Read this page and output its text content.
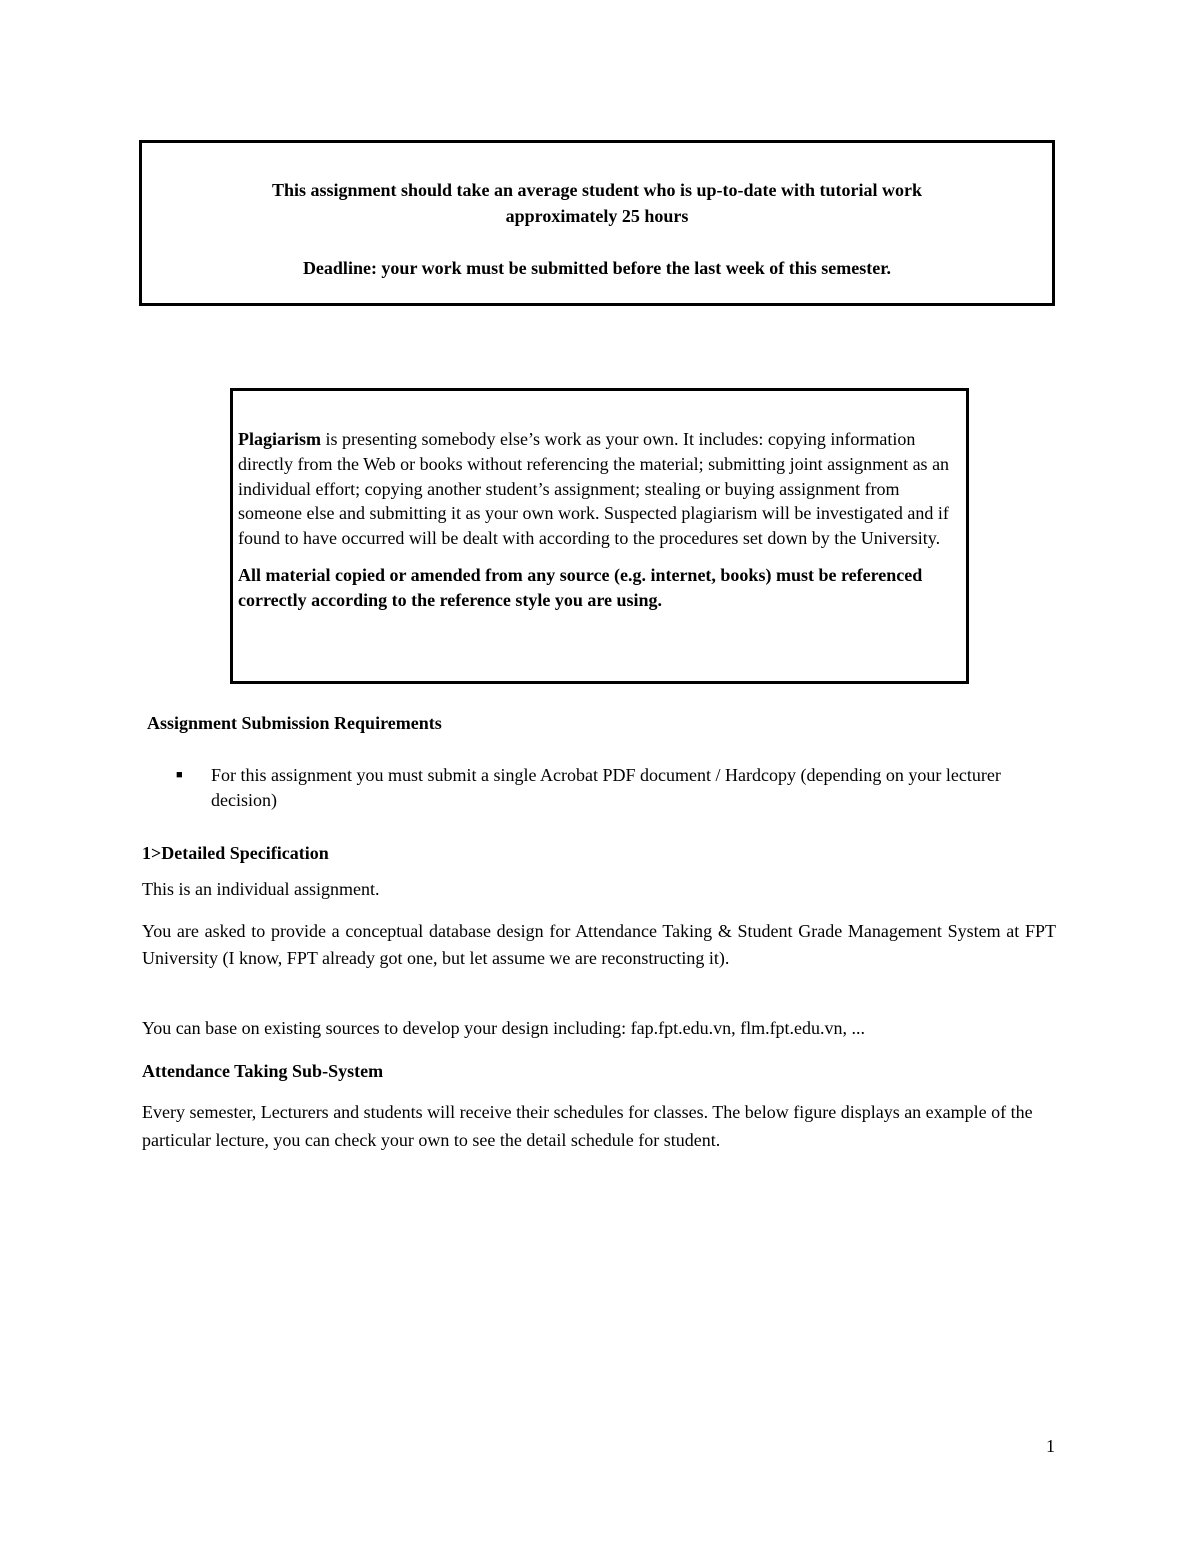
This assignment should take an average student who is up-to-date with tutorial work

approximately 25 hours

Deadline: your work must be submitted before the last week of this semester.

Plagiarism is presenting somebody else’s work as your own. It includes: copying information directly from the Web or books without referencing the material; submitting joint assignment as an individual effort; copying another student’s assignment; stealing or buying assignment from someone else and submitting it as your own work. Suspected plagiarism will be investigated and if found to have occurred will be dealt with according to the procedures set down by the University.

All material copied or amended from any source (e.g. internet, books) must be referenced correctly according to the reference style you are using.

Assignment Submission Requirements
■	For this assignment you must submit a single Acrobat PDF document / Hardcopy (depending on your lecturer decision)
1>Detailed Specification

This is an individual assignment.

You are asked to provide a conceptual database design for Attendance Taking & Student Grade Management System at FPT University (I know, FPT already got one, but let assume we are reconstructing it).

You can base on existing sources to develop your design including: fap.fpt.edu.vn, flm.fpt.edu.vn, ...

Attendance Taking Sub-System

Every semester, Lecturers and students will receive their schedules for classes. The below figure displays an example of the particular lecture, you can check your own to see the detail schedule for student.

1
